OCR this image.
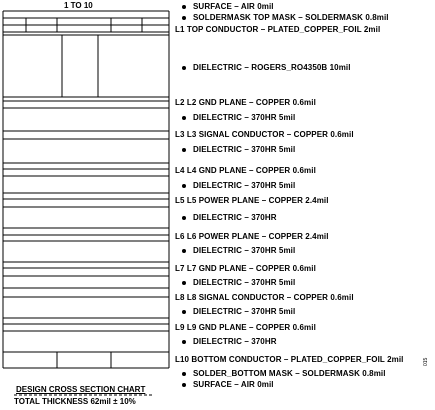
1 TO 10	SURFACE – AIR 0mil
SOLDERMASK TOP MASK – SOLDERMASK 0.8mil
L1 TOP CONDUCTOR – PLATED_COPPER_FOIL 2mil
DIELECTRIC – ROGERS_RO4350B 10mil
L2 L2 GND PLANE – COPPER 0.6mil
DIELECTRIC – 370HR 5mil
L3 L3 SIGNAL CONDUCTOR – COPPER 0.6mil
DIELECTRIC – 370HR 5mil
L4 L4 GND PLANE – COPPER 0.6mil
DIELECTRIC – 370HR 5mil
L5 L5 POWER PLANE – COPPER 2.4mil
DIELECTRIC – 370HR
L6 L6 POWER PLANE – COPPER 2.4mil
DIELECTRIC – 370HR 5mil
L7 L7 GND PLANE – COPPER 0.6mil
DIELECTRIC – 370HR 5mil
L8 L8 SIGNAL CONDUCTOR – COPPER 0.6mil
DIELECTRIC – 370HR 5mil
L9 L9 GND PLANE – COPPER 0.6mil
DIELECTRIC – 370HR
L10 BOTTOM CONDUCTOR – PLATED_COPPER_FOIL 2mil
SOLDER_BOTTOM MASK – SOLDERMASK 0.8mil
SURFACE – AIR 0mil
DESIGN CROSS SECTION CHART
TOTAL THICKNESS 62mil ± 10%
015
